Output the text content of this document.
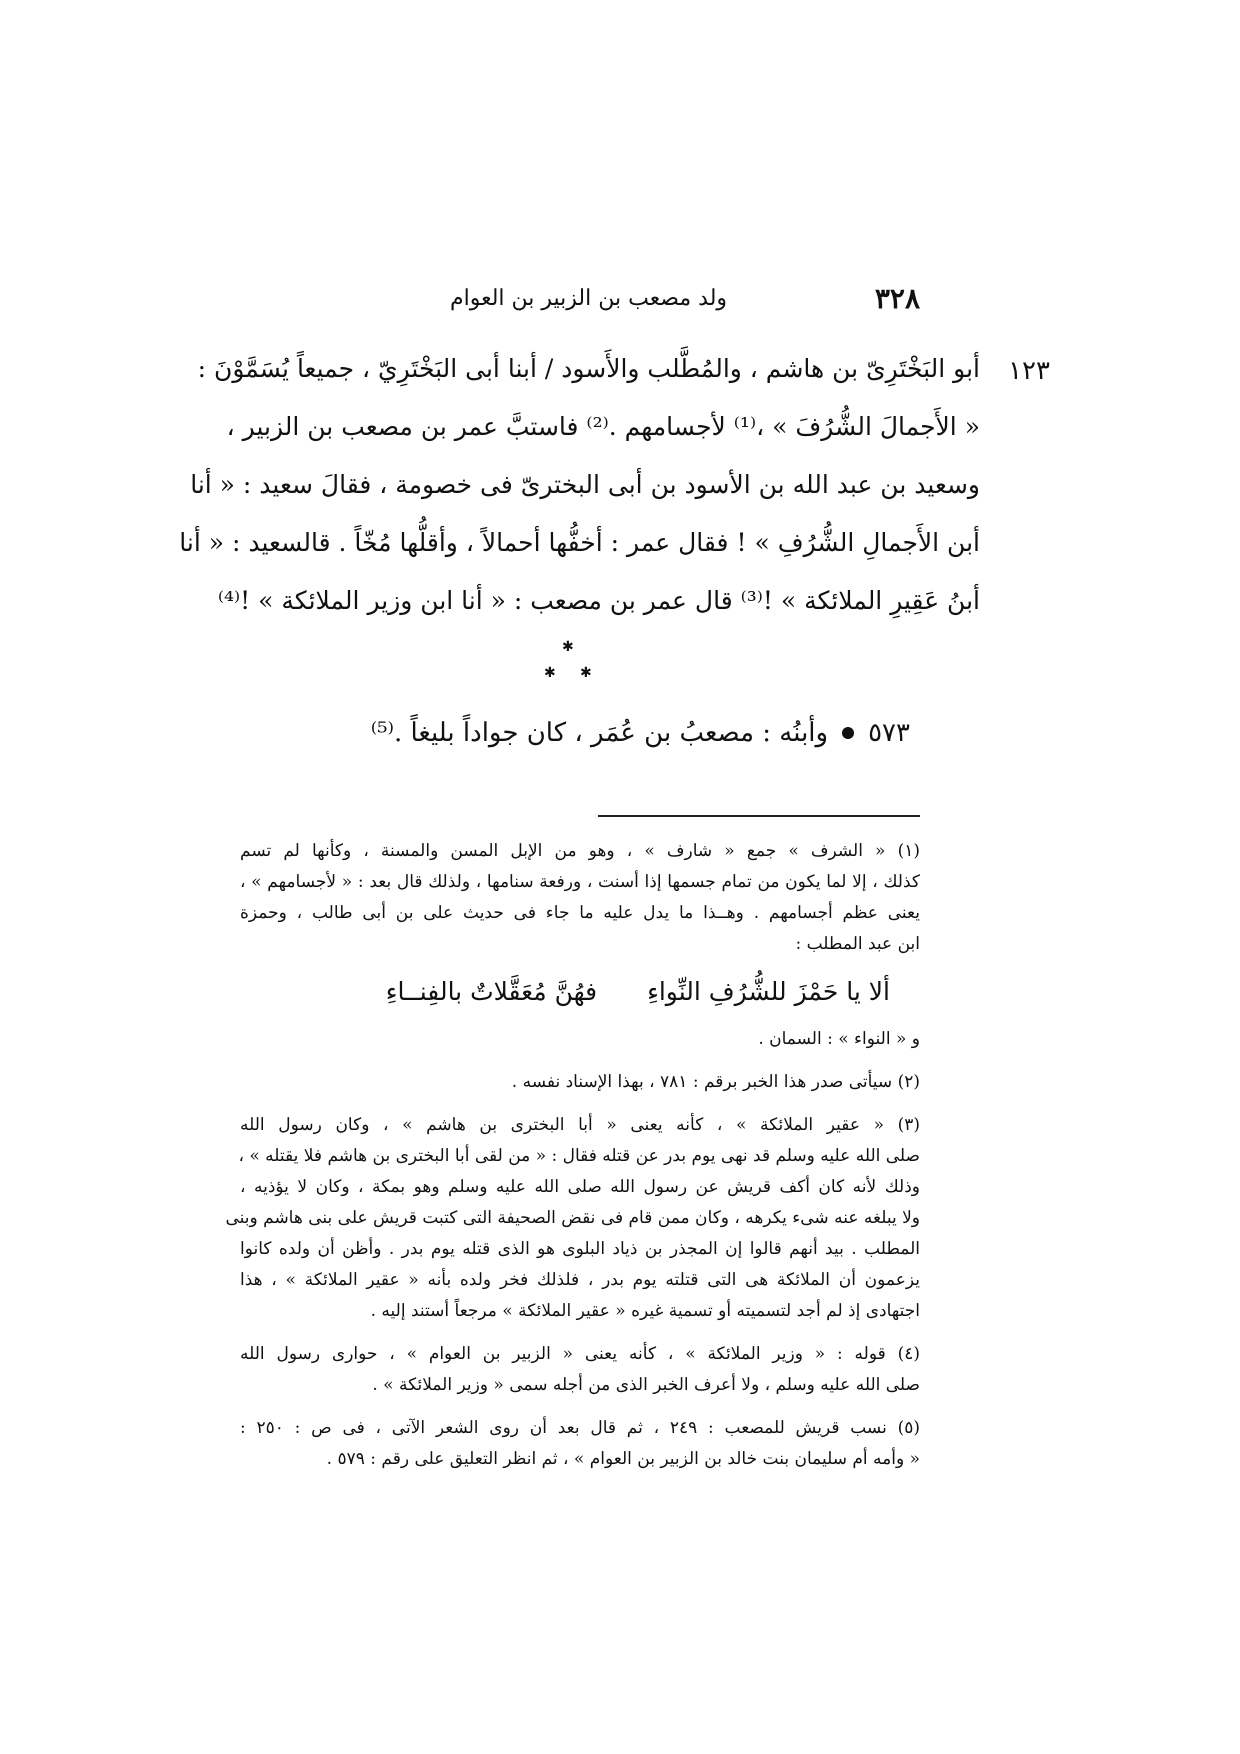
٣٢٨
ولد مصعب بن الزبير بن العوام
١٢٣
أبو البَخْتَرِىّ بن هاشم ، والمُطَّلب والأَسود / أبنا أبى البَخْتَرِيّ ، جميعاً يُسَمَّوْنَ :
« الأَجمالَ الشُّرُفَ » ،⁽¹⁾ لأجسامهم .⁽²⁾ فاستبَّ عمر بن مصعب بن الزبير ،
وسعيد بن عبد الله بن الأسود بن أبى البخترىّ فى خصومة ، فقالَ سعيد : « أنا
أبن الأَجمالِ الشُّرُفِ » ! فقال عمر : أخفُّها أحمالاً ، وأقلُّها مُخّاً . قالسعيد : « أنا
أبنُ عَقِيرِ الملائكة » !⁽³⁾ قال عمر بن مصعب : « أنا ابن وزير الملائكة » !⁽⁴⁾
✱
✱ ✱
٥٧٣وأبنُه : مصعبُ بن عُمَر ، كان جواداً بليغاً .⁽⁵⁾
(١) « الشرف » جمع « شارف » ، وهو من الإبل المسن والمسنة ، وكأنها لم تسم
كذلك ، إلا لما يكون من تمام جسمها إذا أسنت ، ورفعة سنامها ، ولذلك قال بعد : « لأجسامهم » ،
يعنى عظم أجسامهم . وهــذا ما يدل عليه ما جاء فى حديث على بن أبى طالب ، وحمزة
ابن عبد المطلب :
ألا يا حَمْزَ للشُّرُفِ النِّواءِفهُنَّ مُعَقَّلاتٌ بالفِنــاءِ
و « النواء » : السمان .
(٢) سيأتى صدر هذا الخبر برقم : ٧٨١ ، بهذا الإسناد نفسه .
(٣) « عقير الملائكة » ، كأنه يعنى « أبا البخترى بن هاشم » ، وكان رسول الله
صلى الله عليه وسلم قد نهى يوم بدر عن قتله فقال : « من لقى أبا البخترى بن هاشم فلا يقتله » ،
وذلك لأنه كان أكف قريش عن رسول الله صلى الله عليه وسلم وهو بمكة ، وكان لا يؤذيه ،
ولا يبلغه عنه شىء يكرهه ، وكان ممن قام فى نقض الصحيفة التى كتبت قريش على بنى هاشم وبنى
المطلب . بيد أنهم قالوا إن المجذر بن ذياد البلوى هو الذى قتله يوم بدر . وأظن أن ولده كانوا
يزعمون أن الملائكة هى التى قتلته يوم بدر ، فلذلك فخر ولده بأنه « عقير الملائكة » ، هذا
اجتهادى إذ لم أجد لتسميته أو تسمية غيره « عقير الملائكة » مرجعاً أستند إليه .
(٤) قوله : « وزير الملائكة » ، كأنه يعنى « الزبير بن العوام » ، حوارى رسول الله
صلى الله عليه وسلم ، ولا أعرف الخبر الذى من أجله سمى « وزير الملائكة » .
(٥) نسب قريش للمصعب : ٢٤٩ ، ثم قال بعد أن روى الشعر الآتى ، فى ص : ٢٥٠ :
« وأمه أم سليمان بنت خالد بن الزبير بن العوام » ، ثم انظر التعليق على رقم : ٥٧٩ .
